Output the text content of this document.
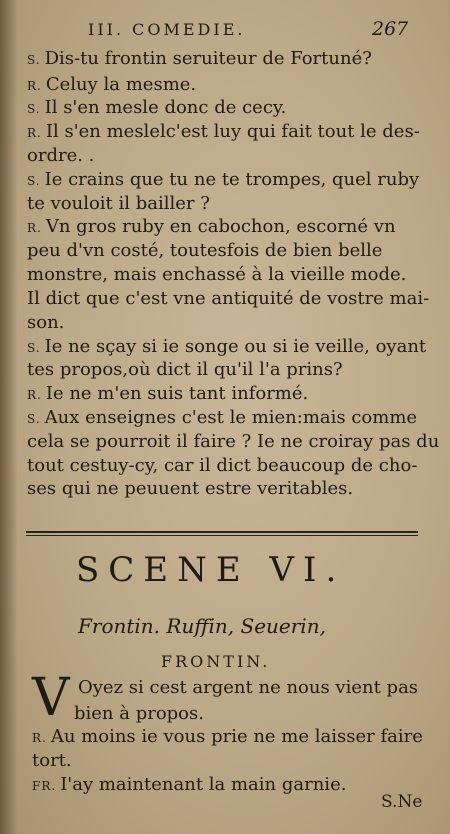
III. COMEDIE.	267
S. Dis-tu frontin seruiteur de Fortuné?
R. Celuy la mesme.
S. Il s'en mesle donc de cecy.
R. Il s'en meslelc'est luy qui fait tout le des-
ordre. .
S. Ie crains que tu ne te trompes, quel ruby
te vouloit il bailler ?
R. Vn gros ruby en cabochon, escorné vn
peu d'vn costé, toutesfois de bien belle
monstre, mais enchassé à la vieille mode.
Il dict que c'est vne antiquité de vostre mai-
son.
S. Ie ne sçay si ie songe ou si ie veille, oyant
tes propos,où dict il qu'il l'a prins?
R. Ie ne m'en suis tant informé.
S. Aux enseignes c'est le mien:mais comme
cela se pourroit il faire ? Ie ne croiray pas du
tout cestuy-cy, car il dict beaucoup de cho-
ses qui ne peuuent estre veritables.
SCENE VI.
Frontin. Ruffin, Seuerin,
FRONTIN.
V Oyez si cest argent ne nous vient pas
bien à propos.
R. Au moins ie vous prie ne me laisser faire
tort.
FR. I'ay maintenant la main garnie.
S.Ne
